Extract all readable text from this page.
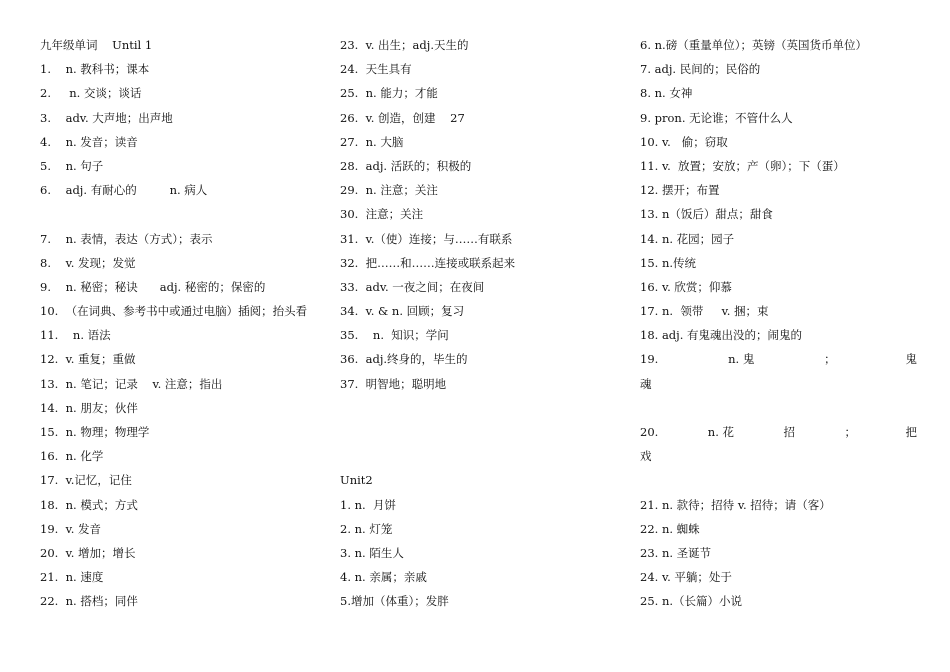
九年级单词    Until 1
1.    n. 教科书；课本
2.     n. 交谈；谈话
3.    adv. 大声地；出声地
4.    n. 发音；读音
5.    n. 句子
6.    adj. 有耐心的         n. 病人
7.    n. 表情，表达（方式）；表示
8.    v. 发现；发觉
9.    n. 秘密；秘诀      adj. 秘密的；保密的
10.  （在词典、参考书中或通过电脑）插阅；抬头看
11.    n. 语法
12.  v. 重复；重做
13.  n. 笔记；记录    v. 注意；指出
14.  n. 朋友；伙伴
15.  n. 物理；物理学
16.  n. 化学
17.  v.记忆，记住
18.  n. 模式；方式
19.  v. 发音
20.  v. 增加；增长
21.  n. 速度
22.  n. 搭档；同伴
23.  v. 出生；adj.天生的
24.  天生具有
25.  n. 能力；才能
26.  v. 创造，创建    27
27.  n. 大脑
28.  adj. 活跃的；积极的
29.  n. 注意；关注
30.  注意；关注
31.  v.（使）连接；与……有联系
32.  把……和……连接或联系起来
33.  adv. 一夜之间；在夜间
34.  v. & n. 回顾；复习
35.    n.  知识；学问
36.  adj.终身的，毕生的
37.  明智地；聪明地
Unit2
1. n.  月饼
2. n. 灯笼
3. n. 陌生人
4. n. 亲属；亲戚
5.增加（体重）；发胖
6. n.磅（重量单位）；英镑（英国货币单位）
7. adj. 民间的；民俗的
8. n. 女神
9. pron. 无论谁；不管什么人
10. v.   偷；窃取
11. v.  放置；安放；产（卵）；下（蛋）
12. 摆开；布置
13. n（饭后）甜点；甜食
14. n. 花园；园子
15. n.传统
16. v. 欣赏；仰慕
17. n.  领带     v. 捆；束
18. adj. 有鬼魂出没的；闹鬼的
19.	n. 鬼	；	鬼
魂
20.	n. 花	招	；	把
戏
21. n. 款待；招待 v. 招待；请（客）
22. n. 蜘蛛
23. n. 圣诞节
24. v. 平躺；处于
25. n.（长篇）小说
